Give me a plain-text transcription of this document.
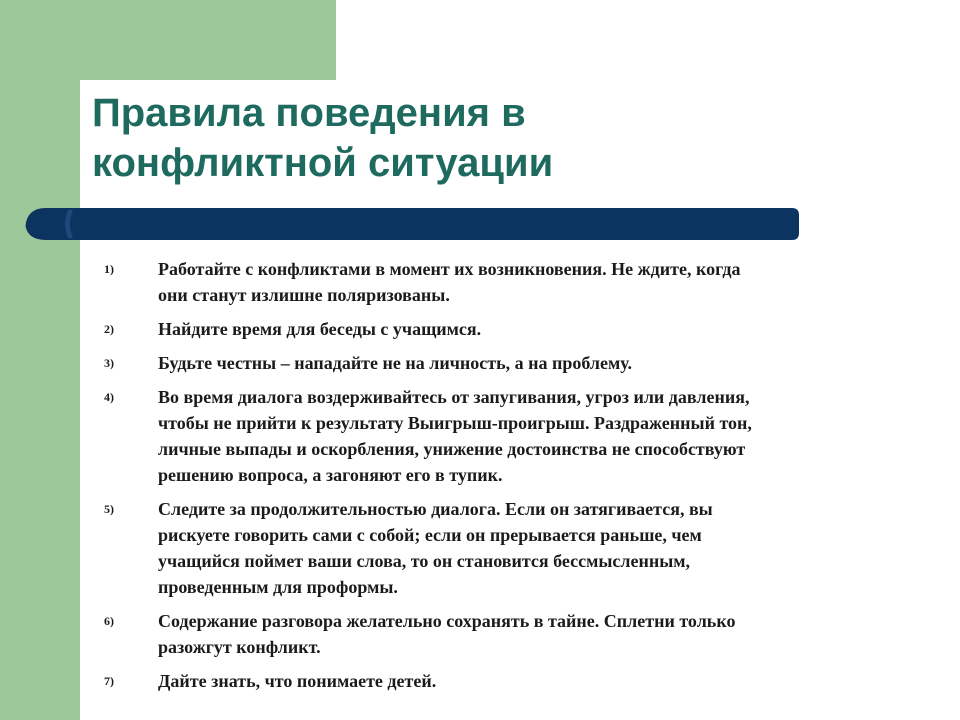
Правила поведения в
конфликтной ситуации
1)	Работайте с конфликтами в момент их возникновения. Не ждите, когда
они станут излишне поляризованы.
2)	Найдите время для беседы с учащимся.
3)	Будьте честны – нападайте не на личность, а на проблему.
4)	Во время диалога воздерживайтесь от запугивания, угроз или давления,
чтобы не прийти к результату Выигрыш-проигрыш. Раздраженный тон,
личные выпады и оскорбления, унижение достоинства не способствуют
решению вопроса, а загоняют его в тупик.
5)	Следите за продолжительностью диалога. Если он затягивается, вы
рискуете говорить сами с собой; если он прерывается раньше, чем
учащийся поймет ваши слова, то он становится бессмысленным,
проведенным для проформы.
6)	Содержание разговора желательно сохранять в тайне. Сплетни только
разожгут конфликт.
7)	Дайте знать, что понимаете детей.
